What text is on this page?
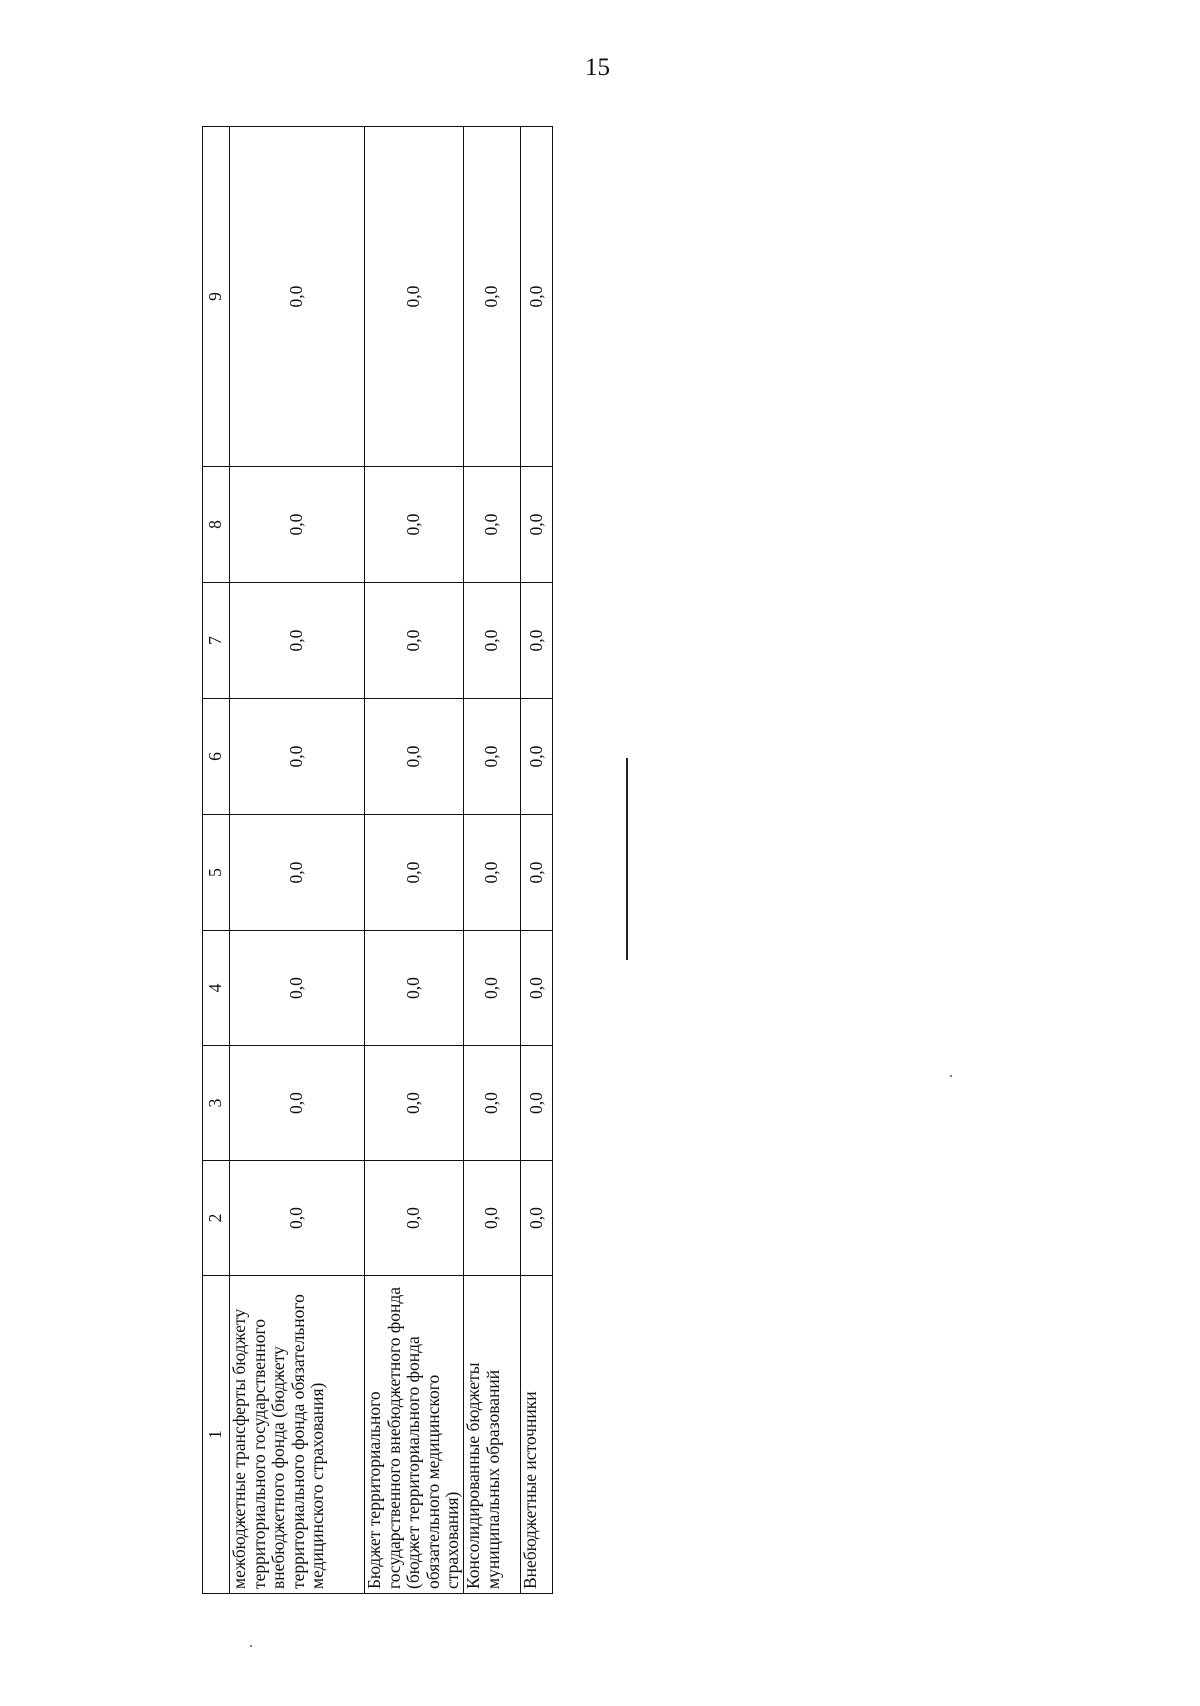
15
1	2	3	4	5	6	7	8	9
межбюджетные трансферты бюджету территориального государственного внебюджетного фонда (бюджету территориального фонда обязательного медицинского страхования)	0,0	0,0	0,0	0,0	0,0	0,0	0,0	0,0
Бюджет территориального государственного внебюджетного фонда (бюджет территориального фонда обязательного медицинского страхования)	0,0	0,0	0,0	0,0	0,0	0,0	0,0	0,0
Консолидированные бюджеты муниципальных образований	0,0	0,0	0,0	0,0	0,0	0,0	0,0	0,0
Внебюджетные источники	0,0	0,0	0,0	0,0	0,0	0,0	0,0	0,0
